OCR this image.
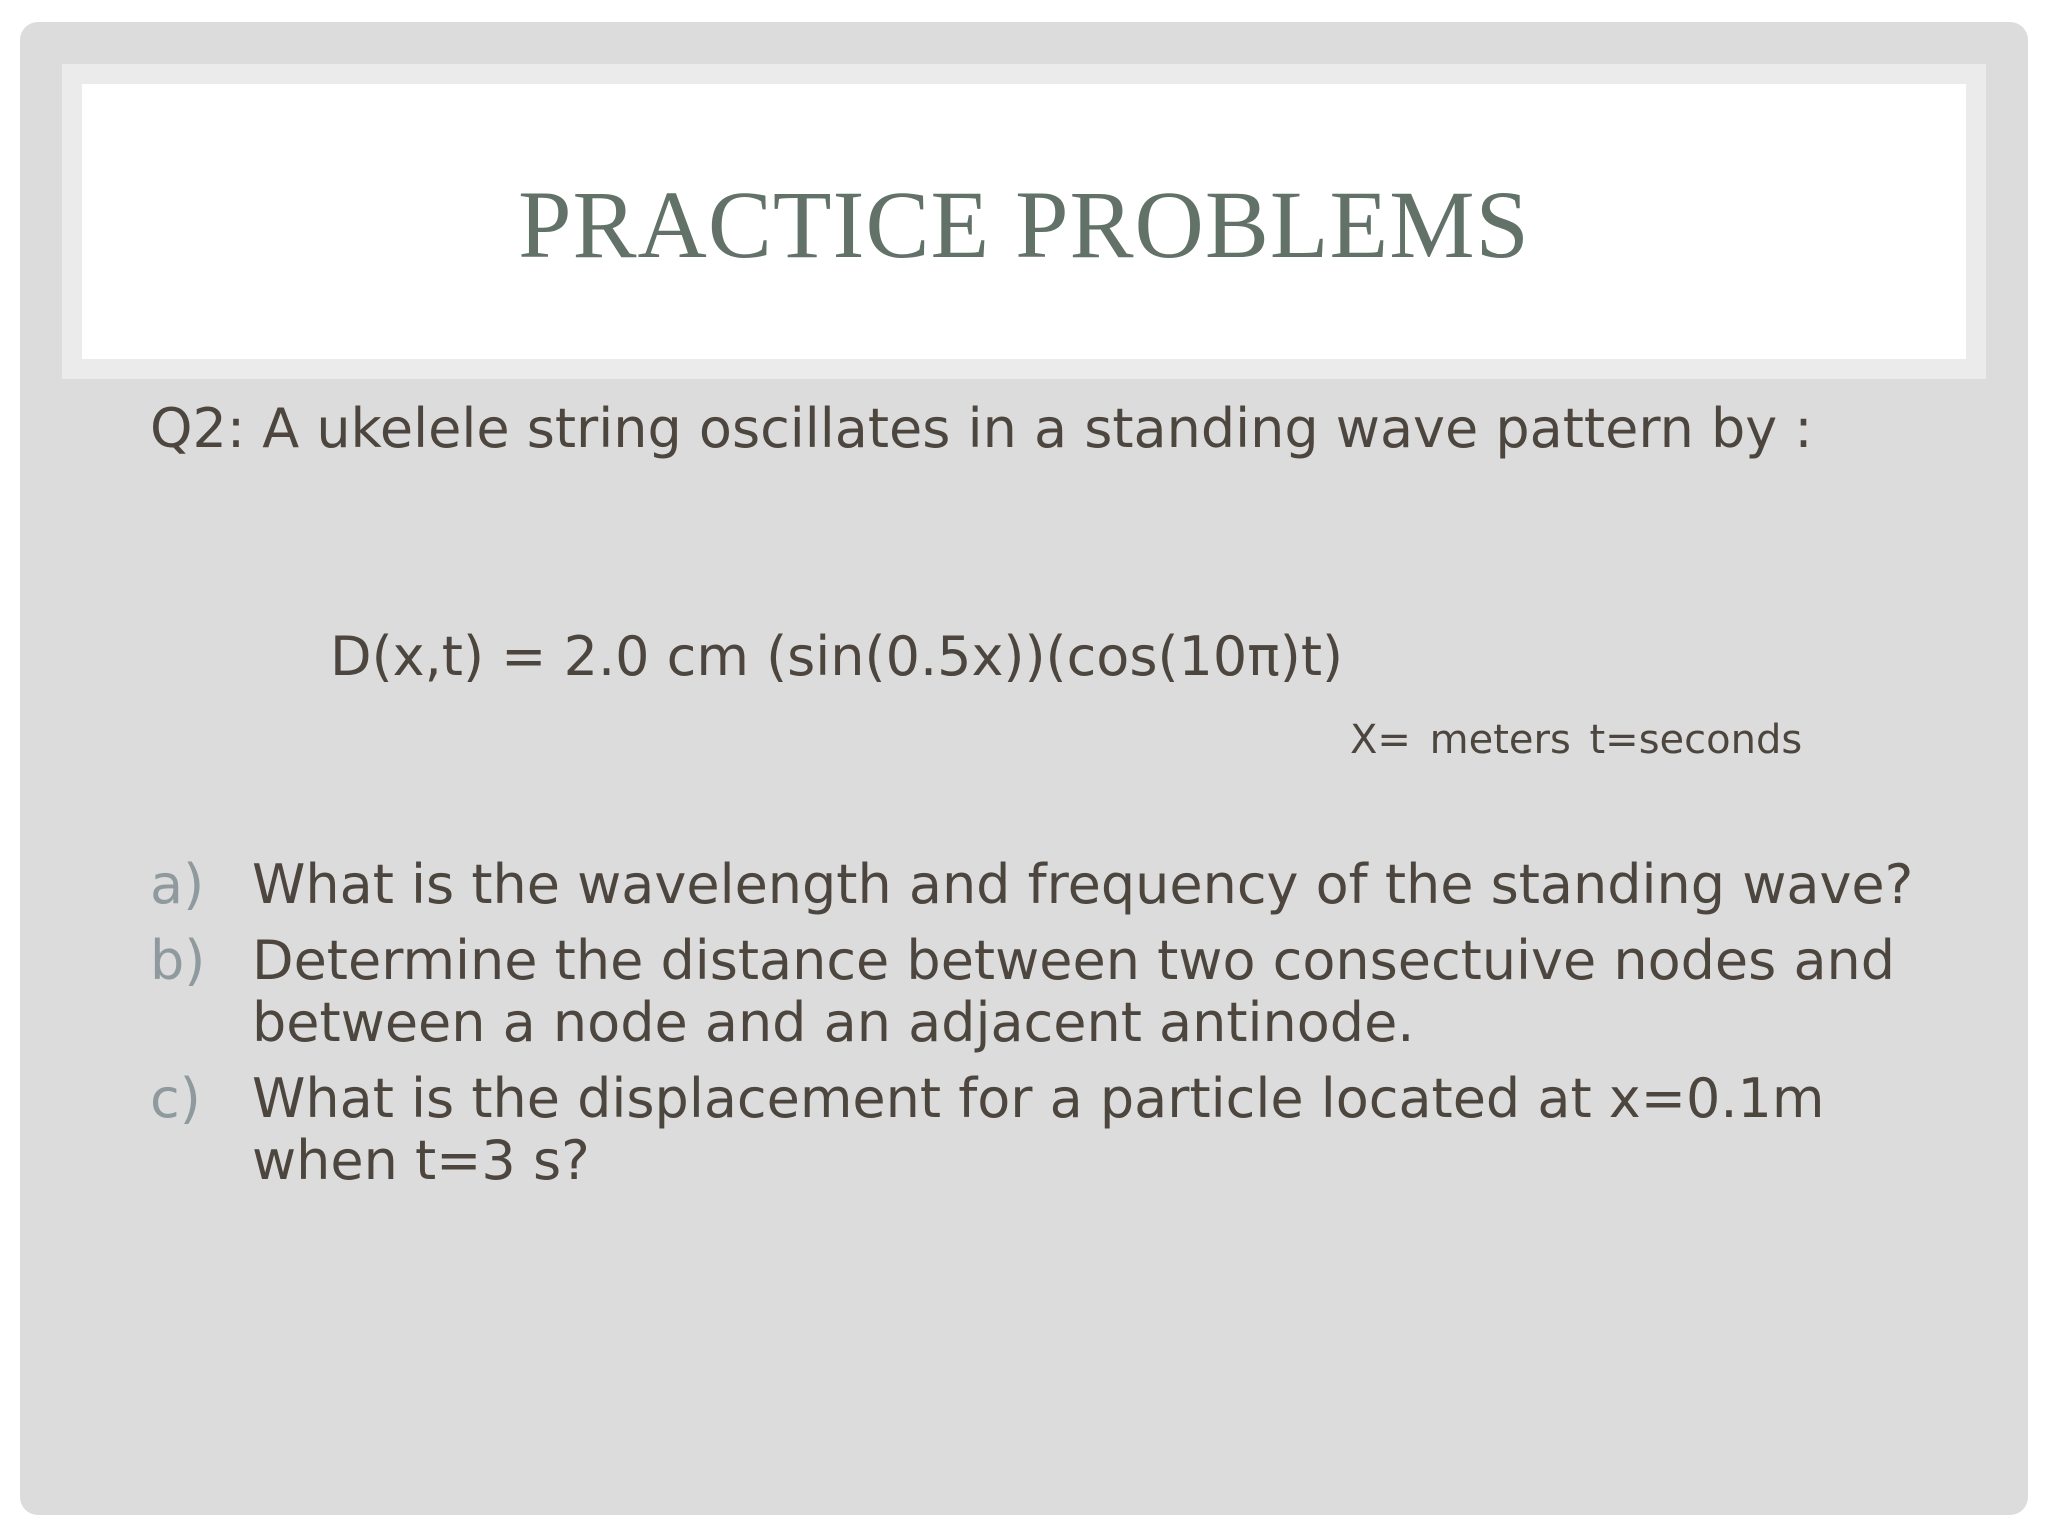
PRACTICE PROBLEMS
Q2: A ukelele string oscillates in a standing wave pattern by :
D(x,t) = 2.0 cm (sin(0.5x))(cos(10π)t)
X= meters t=seconds
a) What is the wavelength and frequency of the standing wave?
b) Determine the distance between two consectuive nodes and between a node and an adjacent antinode.
c) What is the displacement for a particle located at x=0.1m when t=3 s?
